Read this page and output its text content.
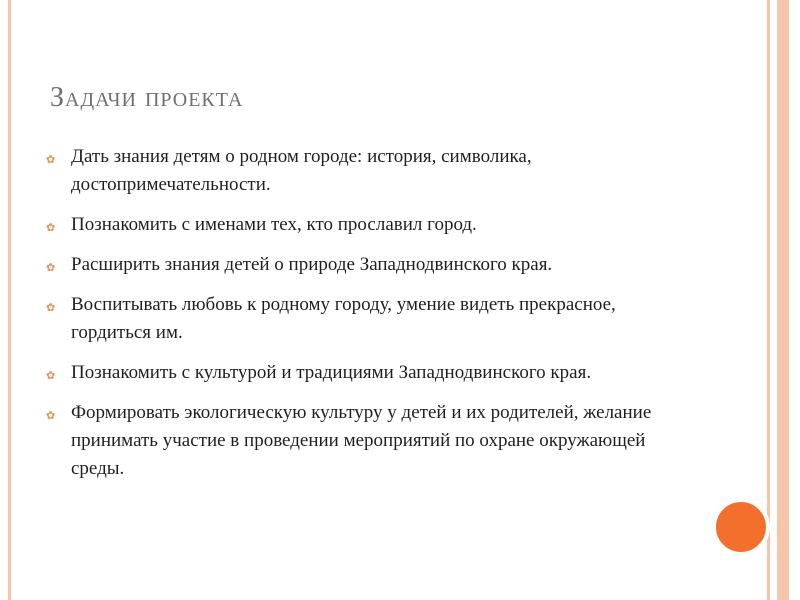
Задачи проекта
✿ Дать знания детям о родном городе: история, символика, достопримечательности.
✿ Познакомить с именами тех, кто прославил город.
✿ Расширить знания детей о природе Западнодвинского края.
✿ Воспитывать любовь к родному городу, умение видеть прекрасное, гордиться им.
✿ Познакомить с культурой и традициями Западнодвинского края.
✿ Формировать экологическую культуру у детей и их родителей, желание принимать участие в проведении мероприятий по охране окружающей среды.
